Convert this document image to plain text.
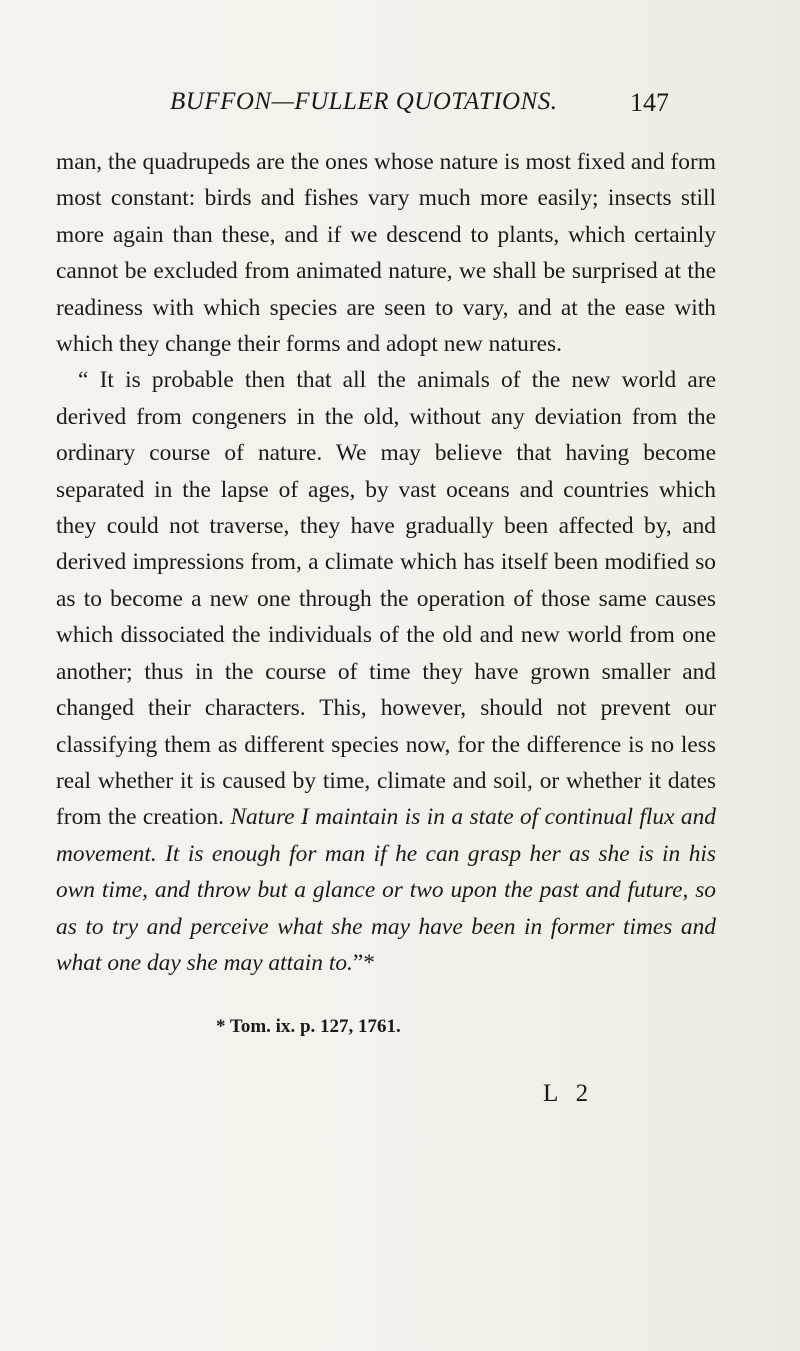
BUFFON—FULLER QUOTATIONS.	147

man, the quadrupeds are the ones whose nature is most fixed and form most constant: birds and fishes vary much more easily; insects still more again than these, and if we descend to plants, which certainly cannot be excluded from animated nature, we shall be surprised at the readiness with which species are seen to vary, and at the ease with which they change their forms and adopt new natures.

“ It is probable then that all the animals of the new world are derived from congeners in the old, without any deviation from the ordinary course of nature. We may believe that having become separated in the lapse of ages, by vast oceans and countries which they could not traverse, they have gradually been affected by, and derived impressions from, a climate which has itself been modified so as to become a new one through the operation of those same causes which dissociated the individuals of the old and new world from one another; thus in the course of time they have grown smaller and changed their characters. This, however, should not prevent our classifying them as different species now, for the difference is no less real whether it is caused by time, climate and soil, or whether it dates from the creation. Nature I maintain is in a state of continual flux and movement. It is enough for man if he can grasp her as she is in his own time, and throw but a glance or two upon the past and future, so as to try and perceive what she may have been in former times and what one day she may attain to.”*

* Tom. ix. p. 127, 1761.
L 2
